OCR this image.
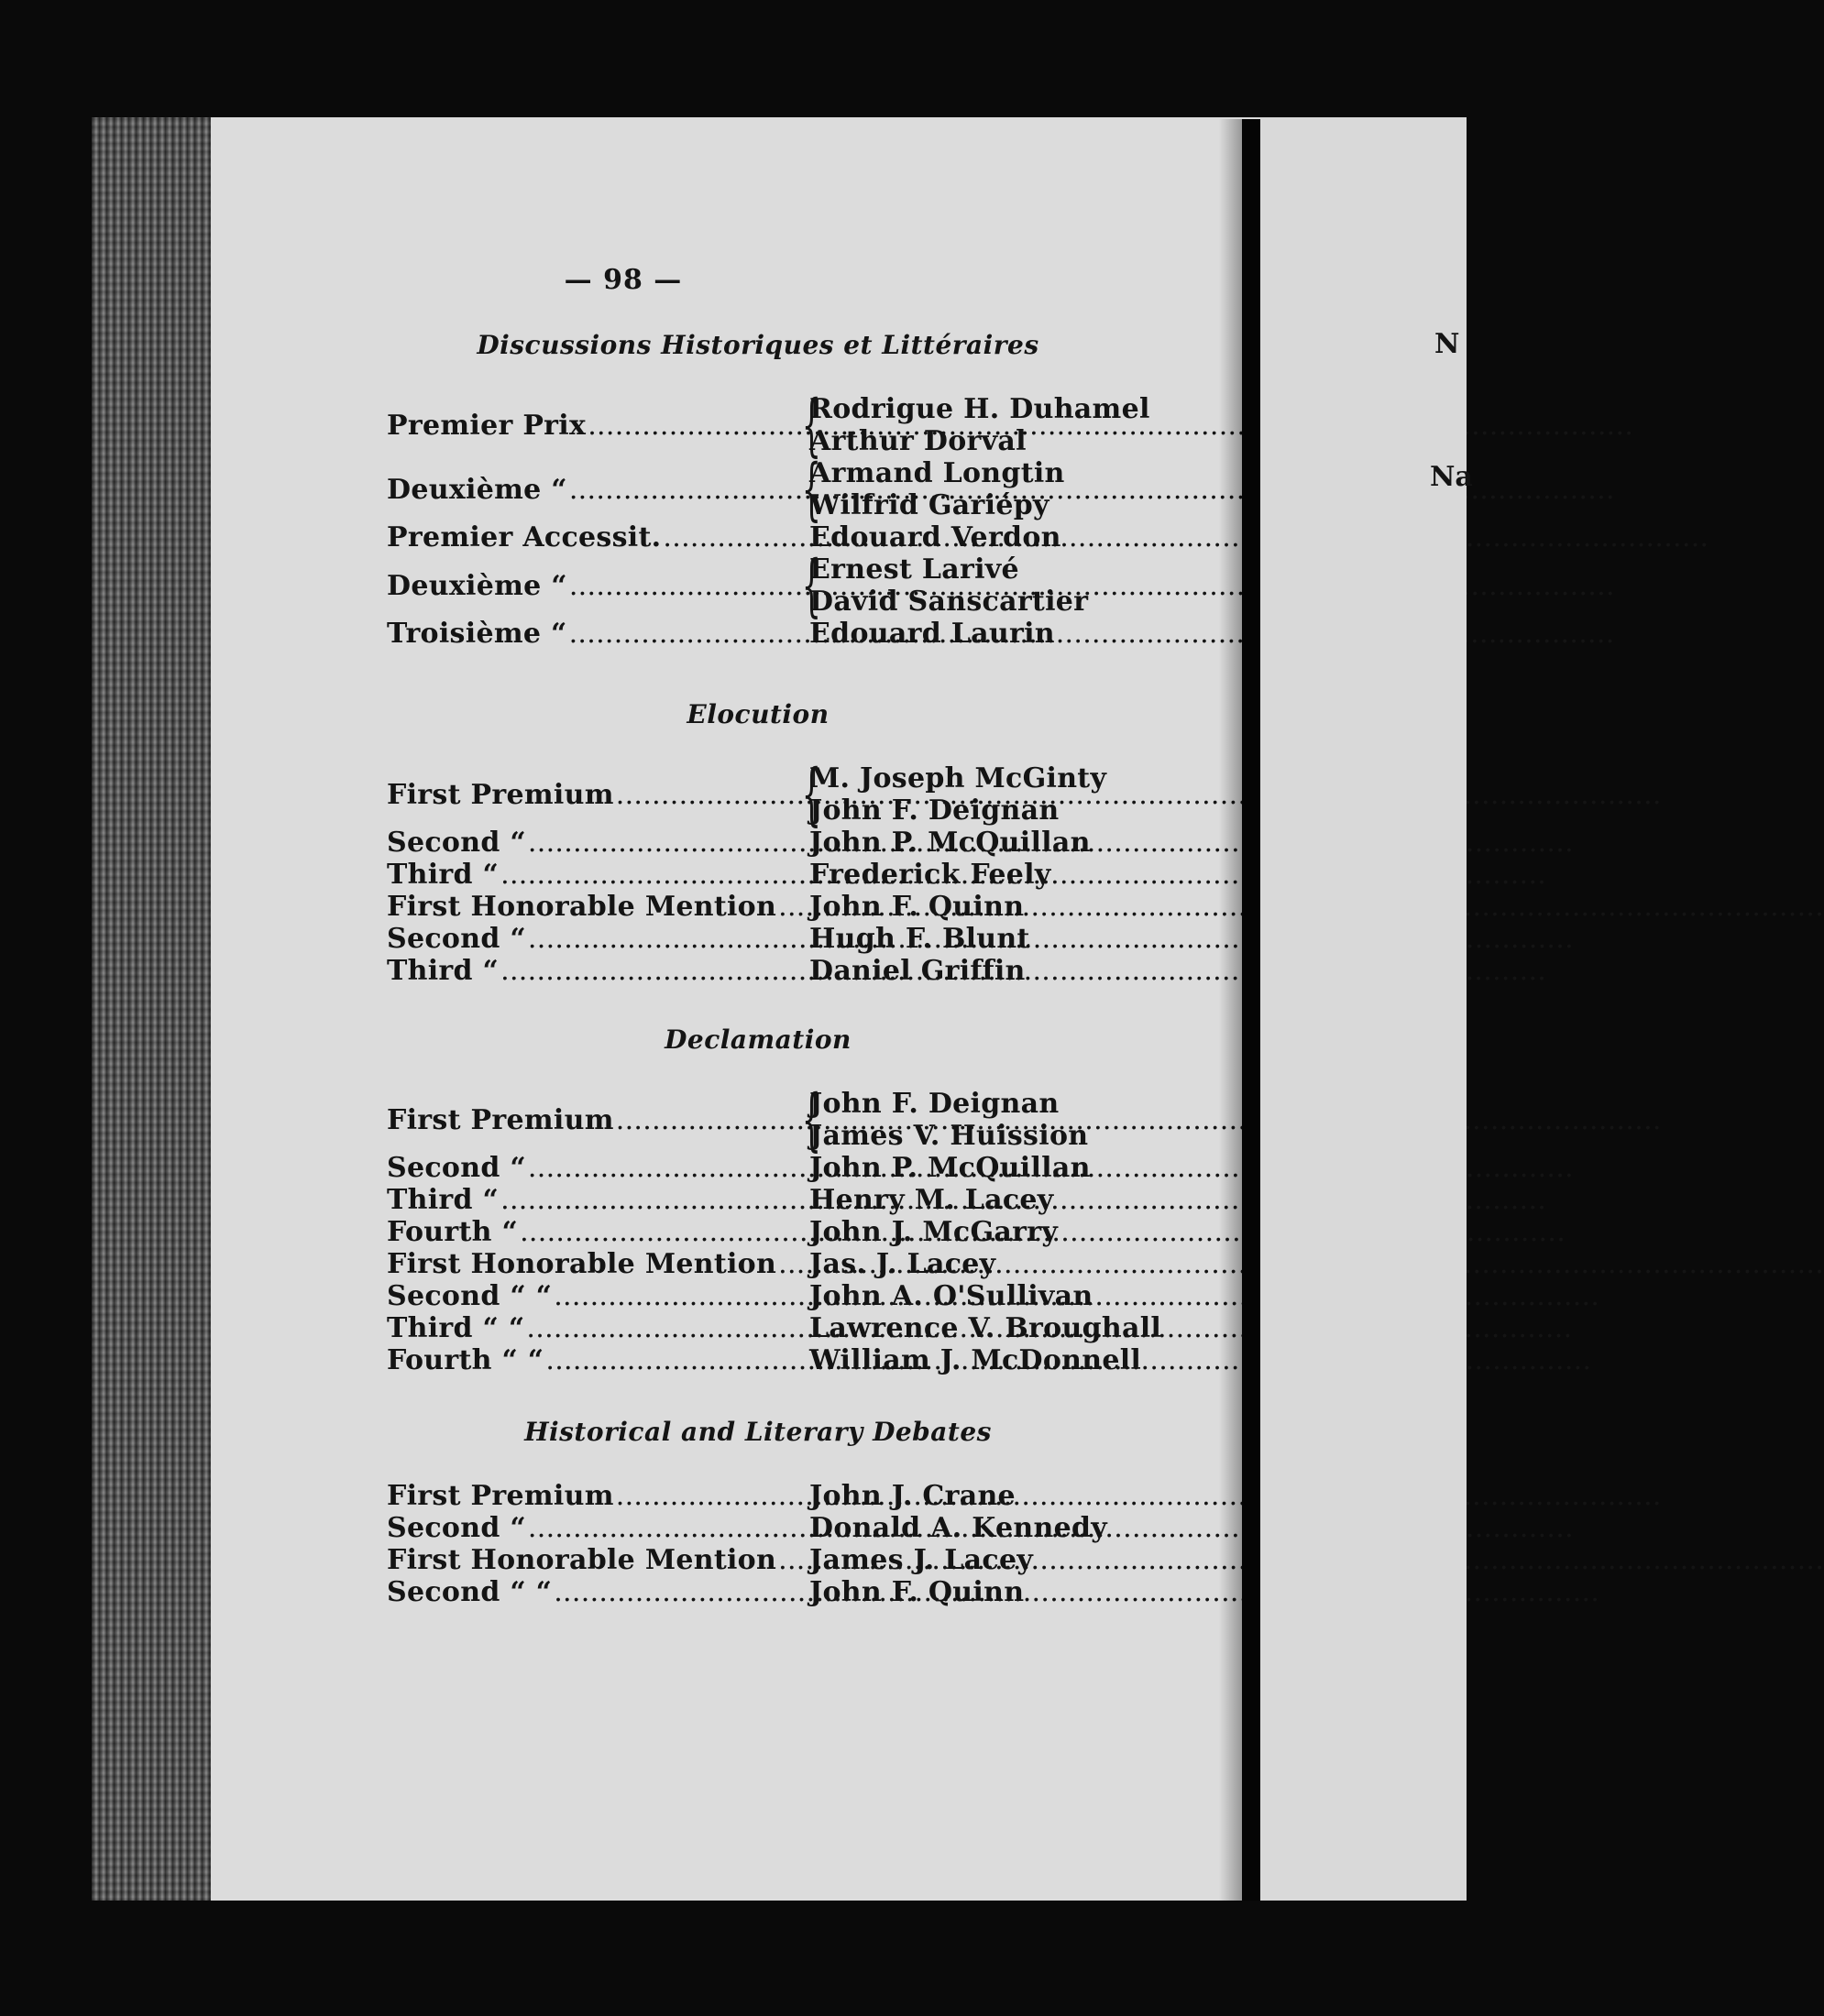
— 98 —
Discussions Historiques et Littéraires
Premier Prix .....	{
Rodrigue H. Duhamel
Arthur Dorval
Deuxième “ .....	{
Armand Longtin
Wilfrid Gariépy
Premier Accessit. .....	Edouard Verdon
Deuxième “ .....	{
Ernest Larivé
David Sanscartier
Troisième “ .....	Edouard Laurin
Elocution
First Premium .....	{
M. Joseph McGinty
John F. Deignan
Second “ .....	John P. McQuillan
Third “ .....	Frederick Feely
First Honorable Mention ..... John F. Quinn
Second “ .....	Hugh F. Blunt
Third “ .....	Daniel Griffin
Declamation
First Premium .....	{
John F. Deignan
James V. Huission
Second “ .....	John P. McQuillan
Third “ .....	Henry M. Lacey
Fourth “ .....	John J. McGarry
First Honorable Mention ..... Jas. J. Lacey
Second “ “ .....	John A. O'Sullivan
Third “ “ .....	Lawrence V. Broughall
Fourth “ “ .....	William J. McDonnell
Historical and Literary Debates
First Premium .....	John J. Crane
Second “ .....	Donald A. Kennedy
First Honorable Mention ..... James J. Lacey
Second “ “ .....	John F. Quinn
N
Na
